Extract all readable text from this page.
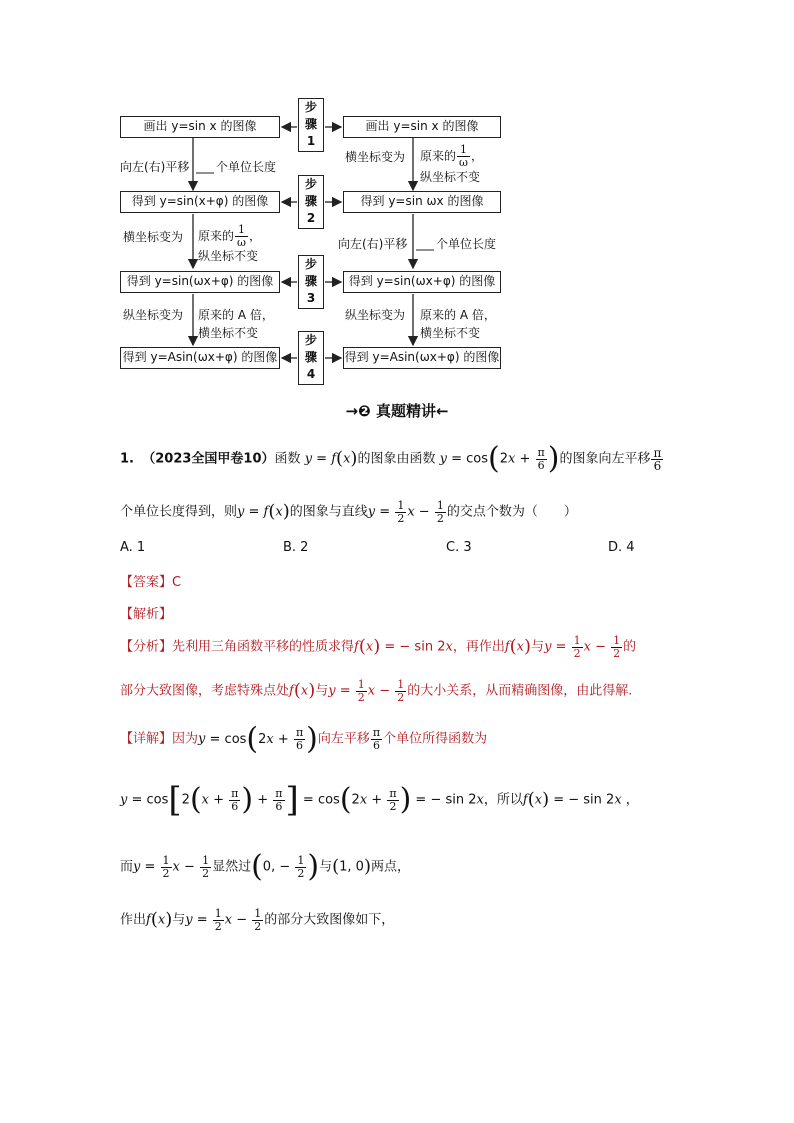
画出 y=sin x 的图像
得到 y=sin(x+φ) 的图像
得到 y=sin(ωx+φ) 的图像
得到 y=Asin(ωx+φ) 的图像
画出 y=sin x 的图像
得到 y=sin ωx 的图像
得到 y=sin(ωx+φ) 的图像
得到 y=Asin(ωx+φ) 的图像
步
骤
1
步
骤
2
步
骤
3
步
骤
4
向左(右)平移 个单位长度
横坐标变为 原来的 $\frac{1}{\omega}$ ，
纵坐标不变
纵坐标变为 原来的 A 倍，
横坐标不变
横坐标变为 原来的 $\frac{1}{\omega}$ ，
纵坐标不变
向左(右)平移 个单位长度
纵坐标变为 原来的 A 倍，
横坐标不变
→❷ 真题精讲←
1. （2023全国甲卷10）函数 y = f(x)的图象由函数 $y = \cos(2x + \frac{\pi}{6}$ )的图象向左平移 $\frac{\pi}{6}$
个单位长度得到，则y = f(x)的图象与直线$y = \frac{1}{2}$ $x - \frac{1}{2}$ 的交点个数为（　　）
A. 1	B. 2	C. 3	D. 4
【答案】C
【解析】
【分析】先利用三角函数平移的性质求得f(x) = − sin 2x，再作出f(x)与$y = \frac{1}{2}$ $x - \frac{1}{2}$ 的
部分大致图像，考虑特殊点处f(x)与$y = \frac{1}{2}$ $x - \frac{1}{2}$ 的大小关系，从而精确图像，由此得解.
【详解】因为$y = \cos(2x + \frac{\pi}{6}$ )向左平移 $\frac{\pi}{6}$ 个单位所得函数为
$y = \cos[2(x + \frac{\pi}{6}$ ) + $\frac{\pi}{6}$ ] = $\cos(2x + \frac{\pi}{2}$ ) = − sin 2x，所以f(x) = − sin 2x ，
而$y = \frac{1}{2}$ $x - \frac{1}{2}$ 显然过(0, − $\frac{1}{2}$ )与(1, 0)两点，
作出f(x)与$y = \frac{1}{2}$ $x - \frac{1}{2}$ 的部分大致图像如下，
